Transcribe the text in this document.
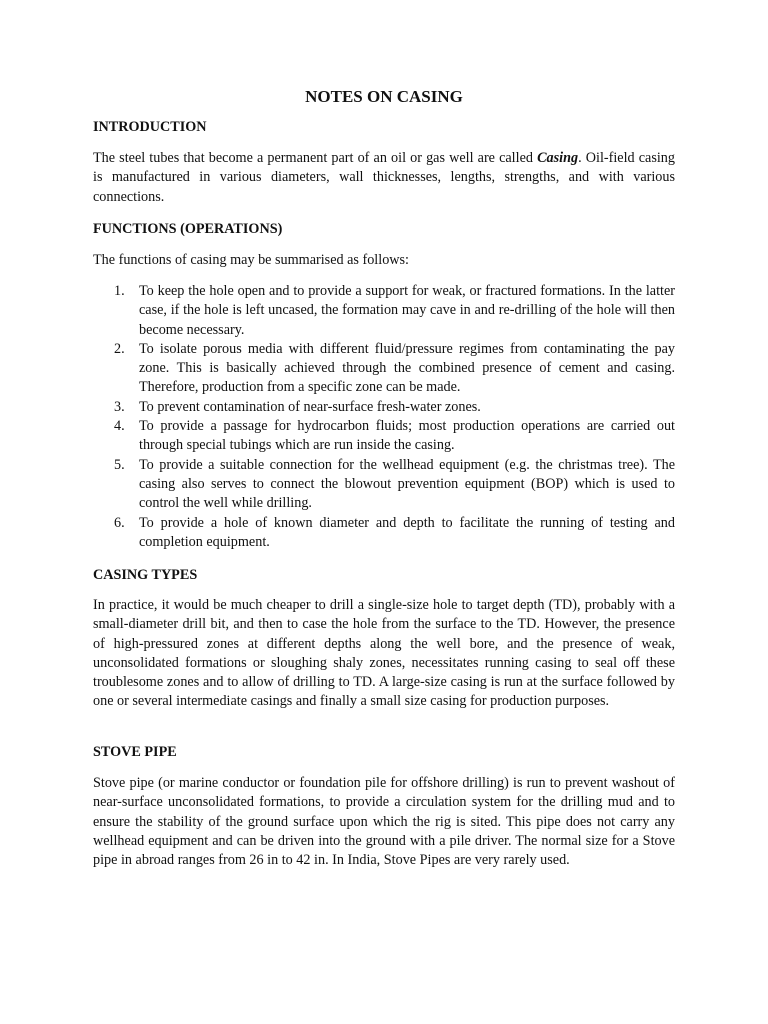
NOTES ON CASING
INTRODUCTION

The steel tubes that become a permanent part of an oil or gas well are called Casing. Oil-field casing is manufactured in various diameters, wall thicknesses, lengths, strengths, and with various connections.

FUNCTIONS (OPERATIONS)

The functions of casing may be summarised as follows:

1. To keep the hole open and to provide a support for weak, or fractured formations. In the latter case, if the hole is left uncased, the formation may cave in and re-drilling of the hole will then become necessary.
2. To isolate porous media with different fluid/pressure regimes from contaminating the pay zone. This is basically achieved through the combined presence of cement and casing. Therefore, production from a specific zone can be made.
3. To prevent contamination of near-surface fresh-water zones.
4. To provide a passage for hydrocarbon fluids; most production operations are carried out through special tubings which are run inside the casing.
5. To provide a suitable connection for the wellhead equipment (e.g. the christmas tree). The casing also serves to connect the blowout prevention equipment (BOP) which is used to control the well while drilling.
6. To provide a hole of known diameter and depth to facilitate the running of testing and completion equipment.
CASING TYPES

In practice, it would be much cheaper to drill a single-size hole to target depth (TD), probably with a small-diameter drill bit, and then to case the hole from the surface to the TD. However, the presence of high-pressured zones at different depths along the well bore, and the presence of weak, unconsolidated formations or sloughing shaly zones, necessitates running casing to seal off these troublesome zones and to allow of drilling to TD. A large-size casing is run at the surface followed by one or several intermediate casings and finally a small size casing for production purposes.

STOVE PIPE

Stove pipe (or marine conductor or foundation pile for offshore drilling) is run to prevent washout of near-surface unconsolidated formations, to provide a circulation system for the drilling mud and to ensure the stability of the ground surface upon which the rig is sited. This pipe does not carry any wellhead equipment and can be driven into the ground with a pile driver. The normal size for a Stove pipe in abroad ranges from 26 in to 42 in. In India, Stove Pipes are very rarely used.
